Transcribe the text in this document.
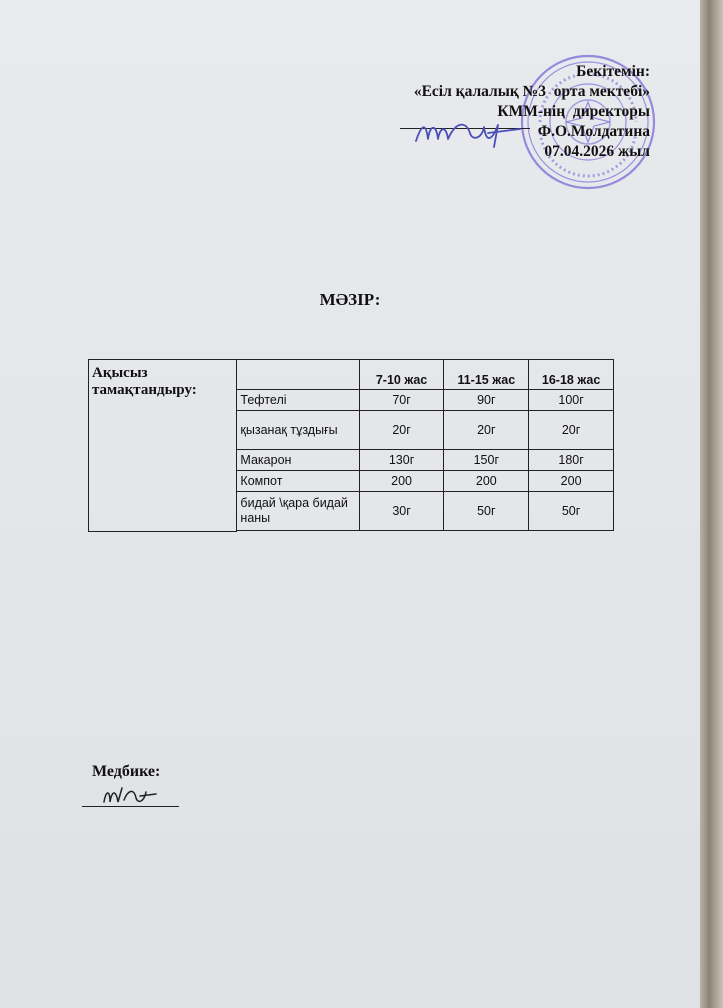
Бекітемін:
«Есіл қалалық №3  орта мектебі»
КММ-нің  директоры
Ф.О.Молдатина
07.04.2026 жыл
МӘЗІР:
Ақысыз тамақтандыру:		7-10 жас	11-15 жас	16-18 жас
	Тефтелі	70г	90г	100г
	қызанақ тұздығы	20г	20г	20г
	Макарон	130г	150г	180г
	Компот	200	200	200
	бидай \қара бидай наны	30г	50г	50г

Медбике:
